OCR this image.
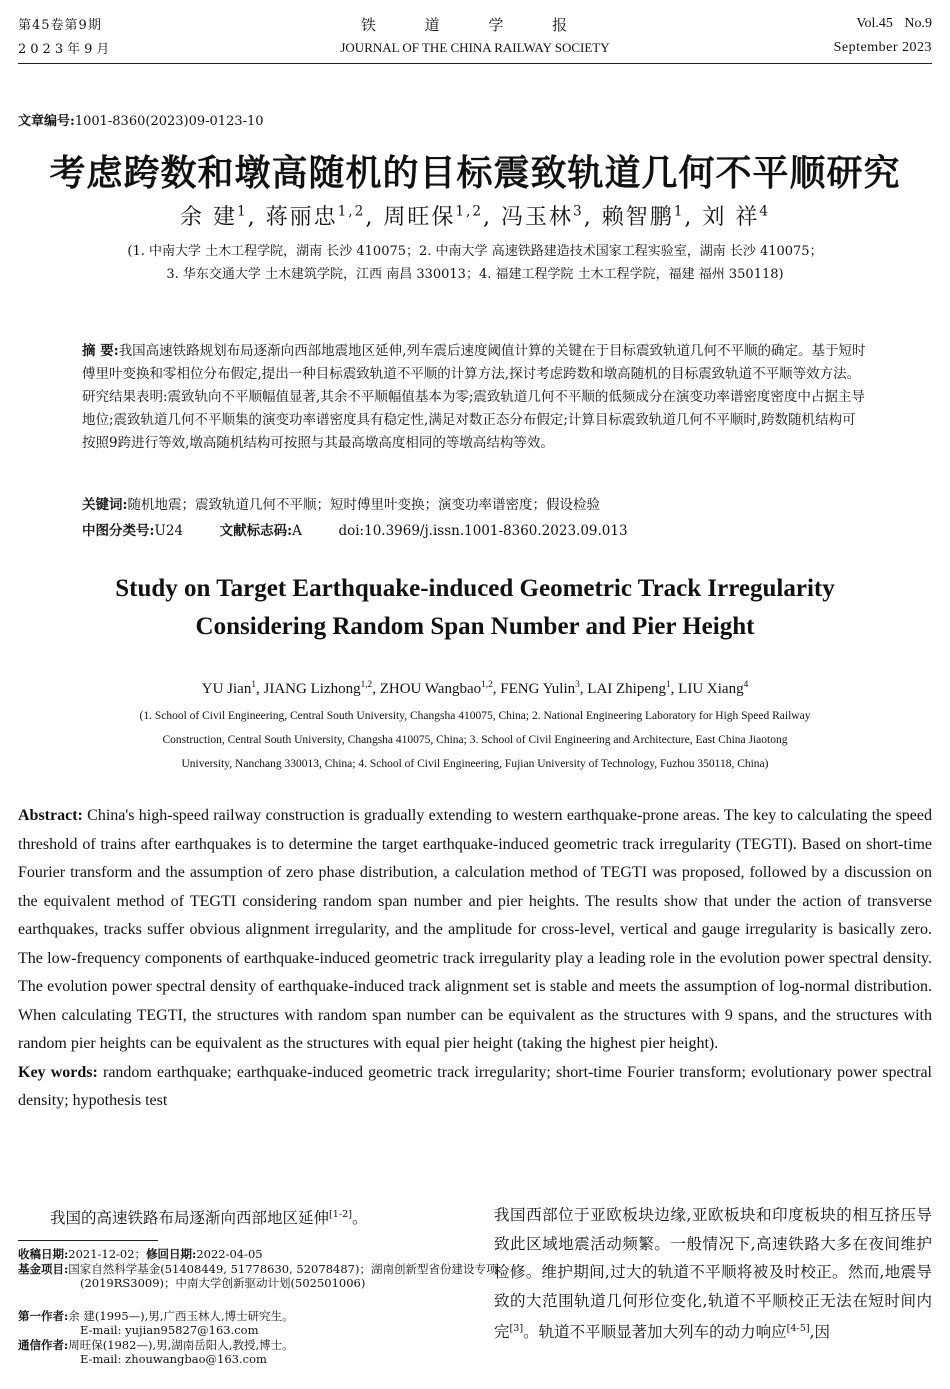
第45卷第9期
2023年9月
铁 道 学 报
JOURNAL OF THE CHINA RAILWAY SOCIETY
Vol.45 No.9
September 2023
文章编号:1001-8360(2023)09-0123-10
考虑跨数和墩高随机的目标震致轨道几何不平顺研究
余 建$^1$, 蒋丽忠$^{1,2}$, 周旺保$^{1,2}$, 冯玉林$^3$, 赖智鹏$^1$, 刘 祥$^4$
(1. 中南大学 土木工程学院，湖南 长沙 410075；2. 中南大学 高速铁路建造技术国家工程实验室，湖南 长沙 410075；
3. 华东交通大学 土木建筑学院，江西 南昌 330013；4. 福建工程学院 土木工程学院，福建 福州 350118)
摘 要:我国高速铁路规划布局逐渐向西部地震地区延伸,列车震后速度阈值计算的关键在于目标震致轨道几何不平顺的确定。基于短时傅里叶变换和零相位分布假定,提出一种目标震致轨道不平顺的计算方法,探讨考虑跨数和墩高随机的目标震致轨道不平顺等效方法。研究结果表明:震致轨向不平顺幅值显著,其余不平顺幅值基本为零;震致轨道几何不平顺的低频成分在演变功率谱密度密度中占据主导地位;震致轨道几何不平顺集的演变功率谱密度具有稳定性,满足对数正态分布假定;计算目标震致轨道几何不平顺时,跨数随机结构可按照9跨进行等效,墩高随机结构可按照与其最高墩高度相同的等墩高结构等效。
关键词:随机地震；震致轨道几何不平顺；短时傅里叶变换；演变功率谱密度；假设检验
中图分类号:U24	文献标志码:A	doi:10.3969/j.issn.1001-8360.2023.09.013
Study on Target Earthquake-induced Geometric Track Irregularity
Considering Random Span Number and Pier Height
YU Jian$^1$, JIANG Lizhong$^{1,2}$, ZHOU Wangbao$^{1,2}$, FENG Yulin$^3$, LAI Zhipeng$^1$, LIU Xiang$^4$
(1. School of Civil Engineering, Central South University, Changsha 410075, China; 2. National Engineering Laboratory for High Speed Railway
Construction, Central South University, Changsha 410075, China; 3. School of Civil Engineering and Architecture, East China Jiaotong
University, Nanchang 330013, China; 4. School of Civil Engineering, Fujian University of Technology, Fuzhou 350118, China)
Abstract: China's high-speed railway construction is gradually extending to western earthquake-prone areas. The key to calculating the speed threshold of trains after earthquakes is to determine the target earthquake-induced geometric track irregularity (TEGTI). Based on short-time Fourier transform and the assumption of zero phase distribution, a calculation method of TEGTI was proposed, followed by a discussion on the equivalent method of TEGTI considering random span number and pier heights. The results show that under the action of transverse earthquakes, tracks suffer obvious alignment irregularity, and the amplitude for cross-level, vertical and gauge irregularity is basically zero. The low-frequency components of earthquake-induced geometric track irregularity play a leading role in the evolution power spectral density. The evolution power spectral density of earthquake-induced track alignment set is stable and meets the assumption of log-normal distribution. When calculating TEGTI, the structures with random span number can be equivalent as the structures with 9 spans, and the structures with random pier heights can be equivalent as the structures with equal pier height (taking the highest pier height).
Key words: random earthquake; earthquake-induced geometric track irregularity; short-time Fourier transform; evolutionary power spectral density; hypothesis test
我国的高速铁路布局逐渐向西部地区延伸[1-2]。
收稿日期:2021-12-02；修回日期:2022-04-05
基金项目:国家自然科学基金(51408449, 51778630, 52078487)；湖南创新型省份建设专项(2019RS3009)；中南大学创新驱动计划(502501006)
第一作者:余 建(1995—),男,广西玉林人,博士研究生。
E-mail: yujian95827@163.com
通信作者:周旺保(1982—),男,湖南岳阳人,教授,博士。
E-mail: zhouwangbao@163.com
我国西部位于亚欧板块边缘,亚欧板块和印度板块的相互挤压导致此区域地震活动频繁。一般情况下,高速铁路大多在夜间维护检修。维护期间,过大的轨道不平顺将被及时校正。然而,地震导致的大范围轨道几何形位变化,轨道不平顺校正无法在短时间内完[3]。轨道不平顺显著加大列车的动力响应[4-5],因
